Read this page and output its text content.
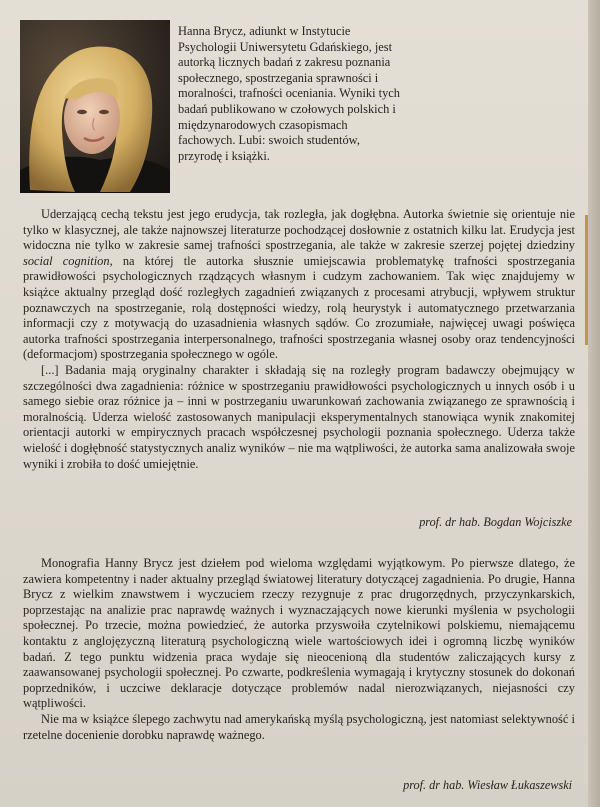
Hanna Brycz, adiunkt w Instytucie Psychologii Uniwersytetu Gdańskiego, jest autorką licznych badań z zakresu poznania społecznego, spostrzegania sprawności i moralności, trafności oceniania. Wyniki tych badań publikowano w czołowych polskich i międzynarodowych czasopismach fachowych. Lubi: swoich studentów, przyrodę i książki.

Uderzającą cechą tekstu jest jego erudycja, tak rozległa, jak dogłębna. Autorka świetnie się orientuje nie tylko w klasycznej, ale także najnowszej literaturze pochodzącej dosłownie z ostatnich kilku lat. Erudycja jest widoczna nie tylko w zakresie samej trafności spostrzegania, ale także w zakresie szerzej pojętej dziedziny social cognition, na której tle autorka słusznie umiejscawia problematykę trafności spostrzegania prawidłowości psychologicznych rządzących własnym i cudzym zachowaniem. Tak więc znajdujemy w książce aktualny przegląd dość rozległych zagadnień związanych z procesami atrybucji, wpływem struktur poznawczych na spostrzeganie, rolą dostępności wiedzy, rolą heurystyk i automatycznego przetwarzania informacji czy z motywacją do uzasadnienia własnych sądów. Co zrozumiałe, najwięcej uwagi poświęca autorka trafności spostrzegania interpersonalnego, trafności spostrzegania własnej osoby oraz tendencyjności (deformacjom) spostrzegania społecznego w ogóle.

[...] Badania mają oryginalny charakter i składają się na rozległy program badawczy obejmujący w szczególności dwa zagadnienia: różnice w spostrzeganiu prawidłowości psychologicznych u innych osób i u samego siebie oraz różnice ja – inni w postrzeganiu uwarunkowań zachowania związanego ze sprawnością i moralnością. Uderza wielość zastosowanych manipulacji eksperymentalnych stanowiąca wynik znakomitej orientacji autorki w empirycznych pracach współczesnej psychologii poznania społecznego. Uderza także wielość i dogłębność statystycznych analiz wyników – nie ma wątpliwości, że autorka sama analizowała swoje wyniki i zrobiła to dość umiejętnie.

prof. dr hab. Bogdan Wojciszke

Monografia Hanny Brycz jest dziełem pod wieloma względami wyjątkowym. Po pierwsze dlatego, że zawiera kompetentny i nader aktualny przegląd światowej literatury dotyczącej zagadnienia. Po drugie, Hanna Brycz z wielkim znawstwem i wyczuciem rzeczy rezygnuje z prac drugorzędnych, przyczynkarskich, poprzestając na analizie prac naprawdę ważnych i wyznaczających nowe kierunki myślenia w psychologii społecznej. Po trzecie, można powiedzieć, że autorka przyswoiła czytelnikowi polskiemu, niemającemu kontaktu z anglojęzyczną literaturą psychologiczną wiele wartościowych idei i ogromną liczbę wyników badań. Z tego punktu widzenia praca wydaje się nieocenioną dla studentów zaliczających kursy z zaawansowanej psychologii społecznej. Po czwarte, podkreślenia wymagają i krytyczny stosunek do dokonań poprzedników, i uczciwe deklaracje dotyczące problemów nadal nierozwiązanych, niejasności czy wątpliwości.

Nie ma w książce ślepego zachwytu nad amerykańską myślą psychologiczną, jest natomiast selektywność i rzetelne docenienie dorobku naprawdę ważnego.

prof. dr hab. Wiesław Łukaszewski
